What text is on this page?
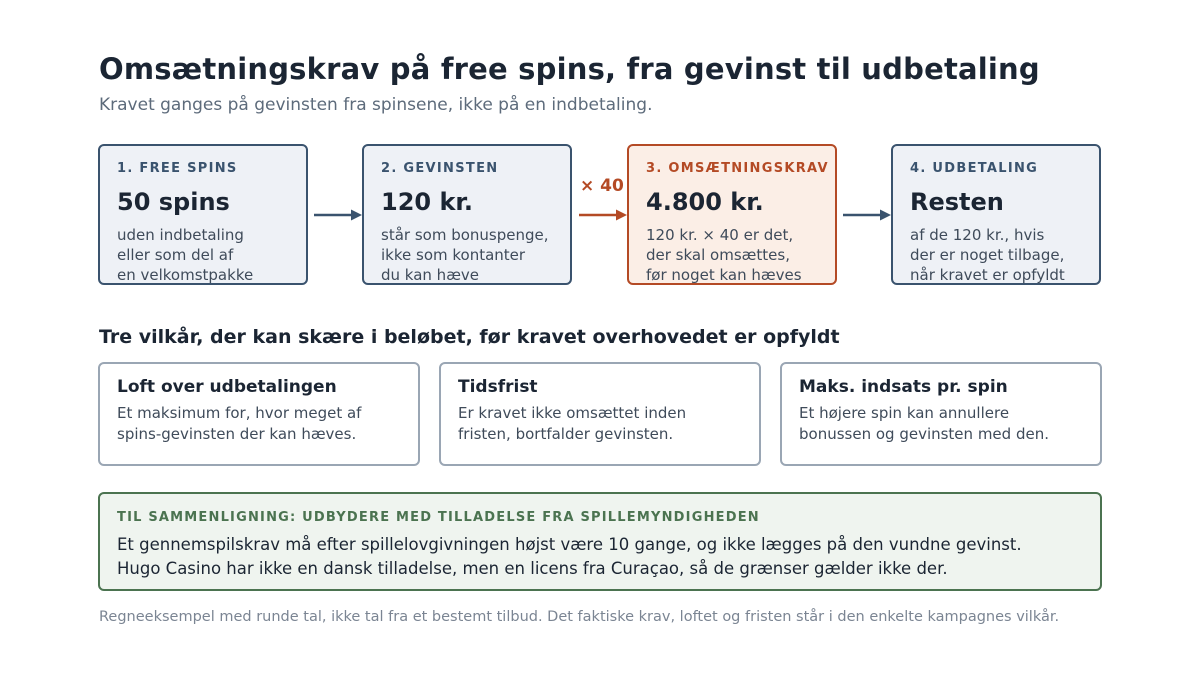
Omsætningskrav på free spins, fra gevinst til udbetaling

Kravet ganges på gevinsten fra spinsene, ikke på en indbetaling.

1. FREE SPINS
50 spins
uden indbetaling
eller som del af
en velkomstpakke
2. GEVINSTEN
120 kr.
står som bonuspenge,
ikke som kontanter
du kan hæve
× 40
3. OMSÆTNINGSKRAV
4.800 kr.
120 kr. × 40 er det,
der skal omsættes,
før noget kan hæves
4. UDBETALING
Resten
af de 120 kr., hvis
der er noget tilbage,
når kravet er opfyldt
Tre vilkår, der kan skære i beløbet, før kravet overhovedet er opfyldt
Loft over udbetalingen
Et maksimum for, hvor meget af
spins-gevinsten der kan hæves.
Tidsfrist
Er kravet ikke omsættet inden
fristen, bortfalder gevinsten.
Maks. indsats pr. spin
Et højere spin kan annullere
bonussen og gevinsten med den.
TIL SAMMENLIGNING: UDBYDERE MED TILLADELSE FRA SPILLEMYNDIGHEDEN
Et gennemspilskrav må efter spillelovgivningen højst være 10 gange, og ikke lægges på den vundne gevinst.
Hugo Casino har ikke en dansk tilladelse, men en licens fra Curaçao, så de grænser gælder ikke der.

Regneeksempel med runde tal, ikke tal fra et bestemt tilbud. Det faktiske krav, loftet og fristen står i den enkelte kampagnes vilkår.
